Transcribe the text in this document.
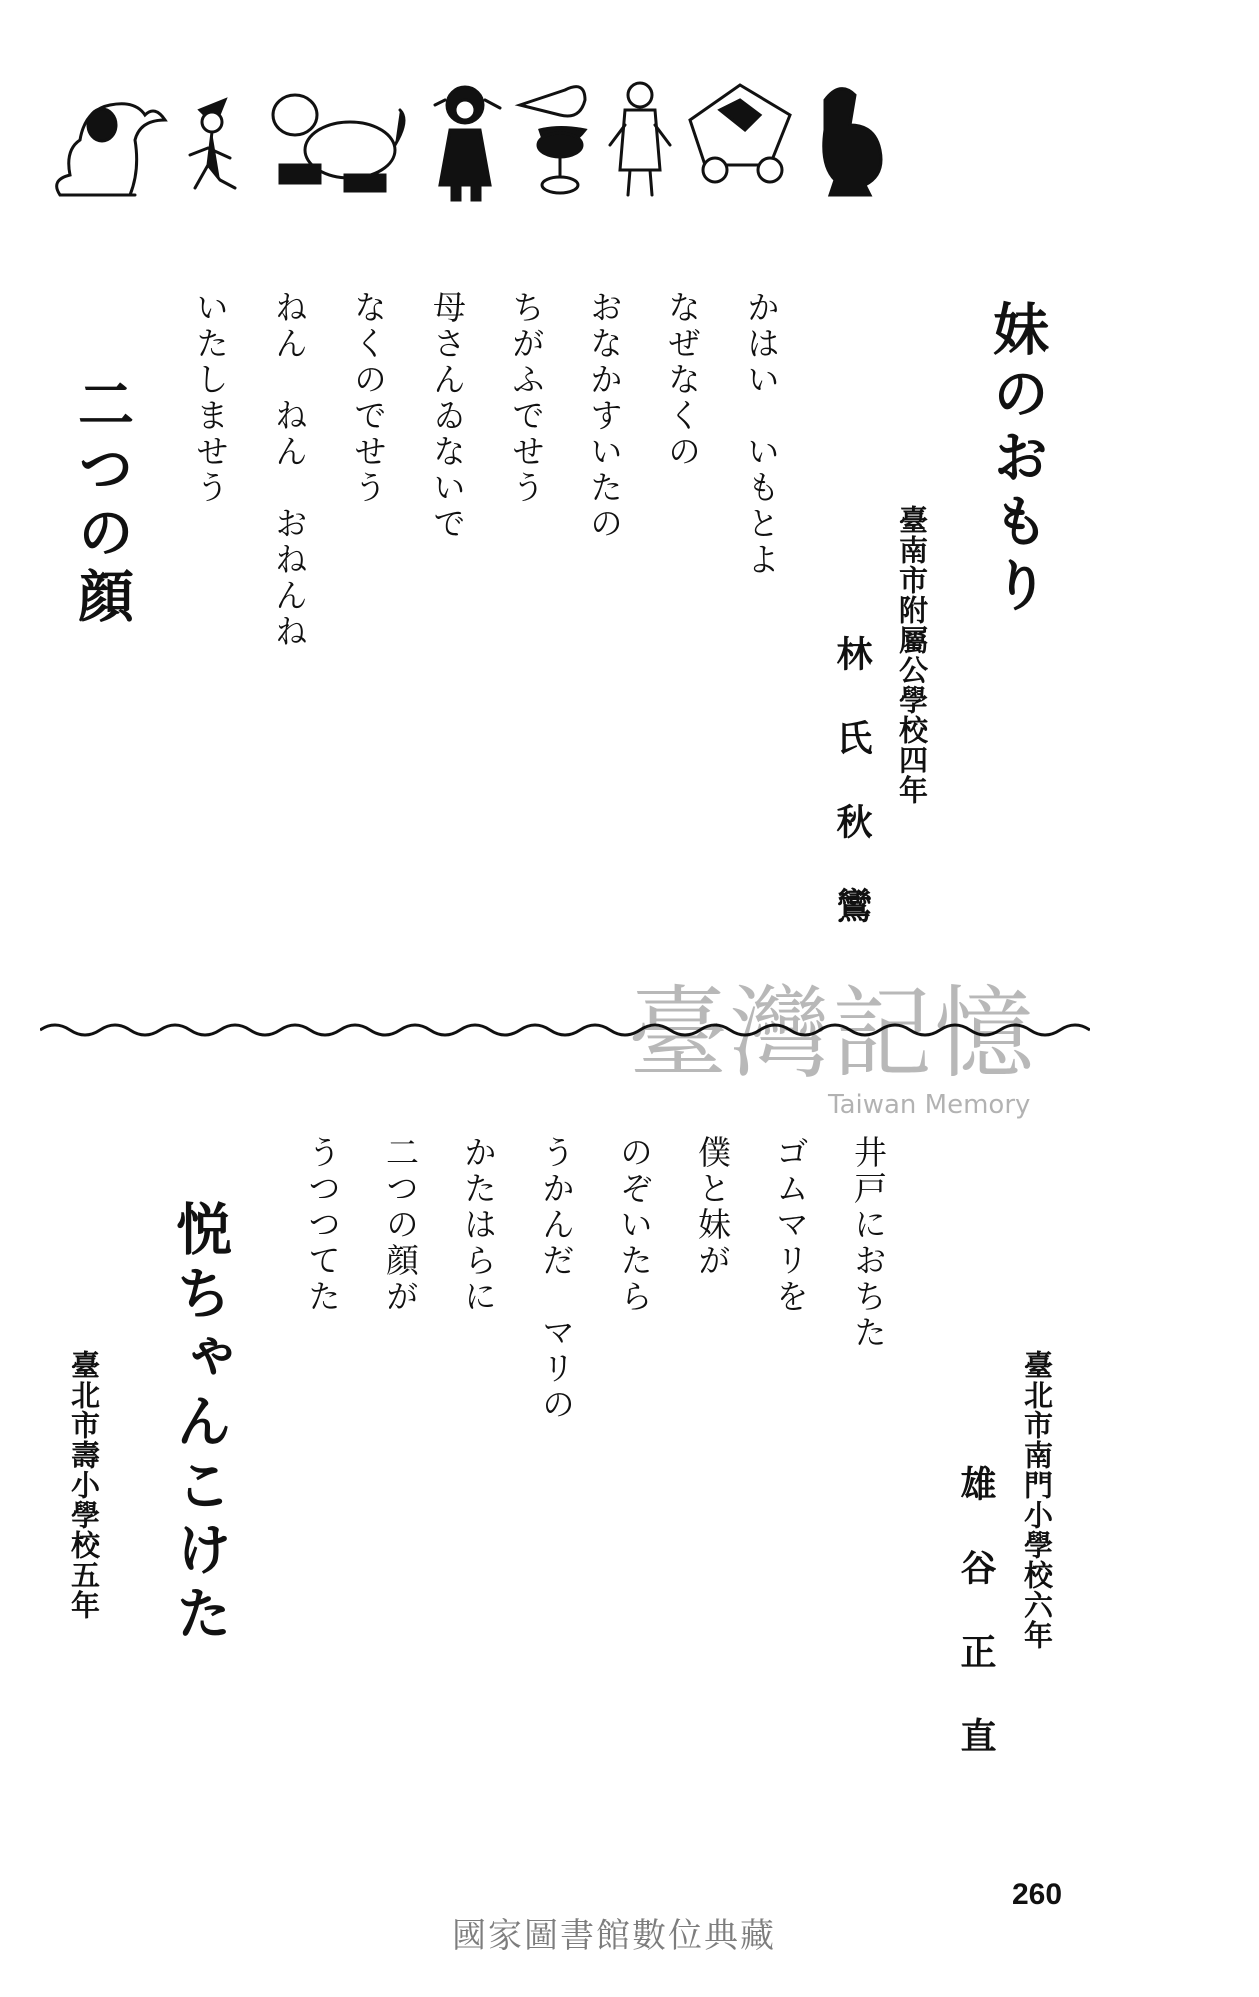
妹のおもり
臺南市附屬公學校四年
林氏秋鸞
かはい　いもとよ
なぜなくの
おなかすいたの
ちがふでせう
母さんゐないで
なくのでせう
ねん　ねん　おねんね
いたしませう
二つの顔
臺灣記憶
Taiwan Memory
井戸におちた
ゴムマリを
僕と妹が
のぞいたら
うかんだ　マリの
かたはらに
二つの顔が
うつつてた
臺北市南門小學校六年
雄谷正直
悦ちゃんこけた
臺北市壽小學校五年
260
國家圖書館數位典藏
